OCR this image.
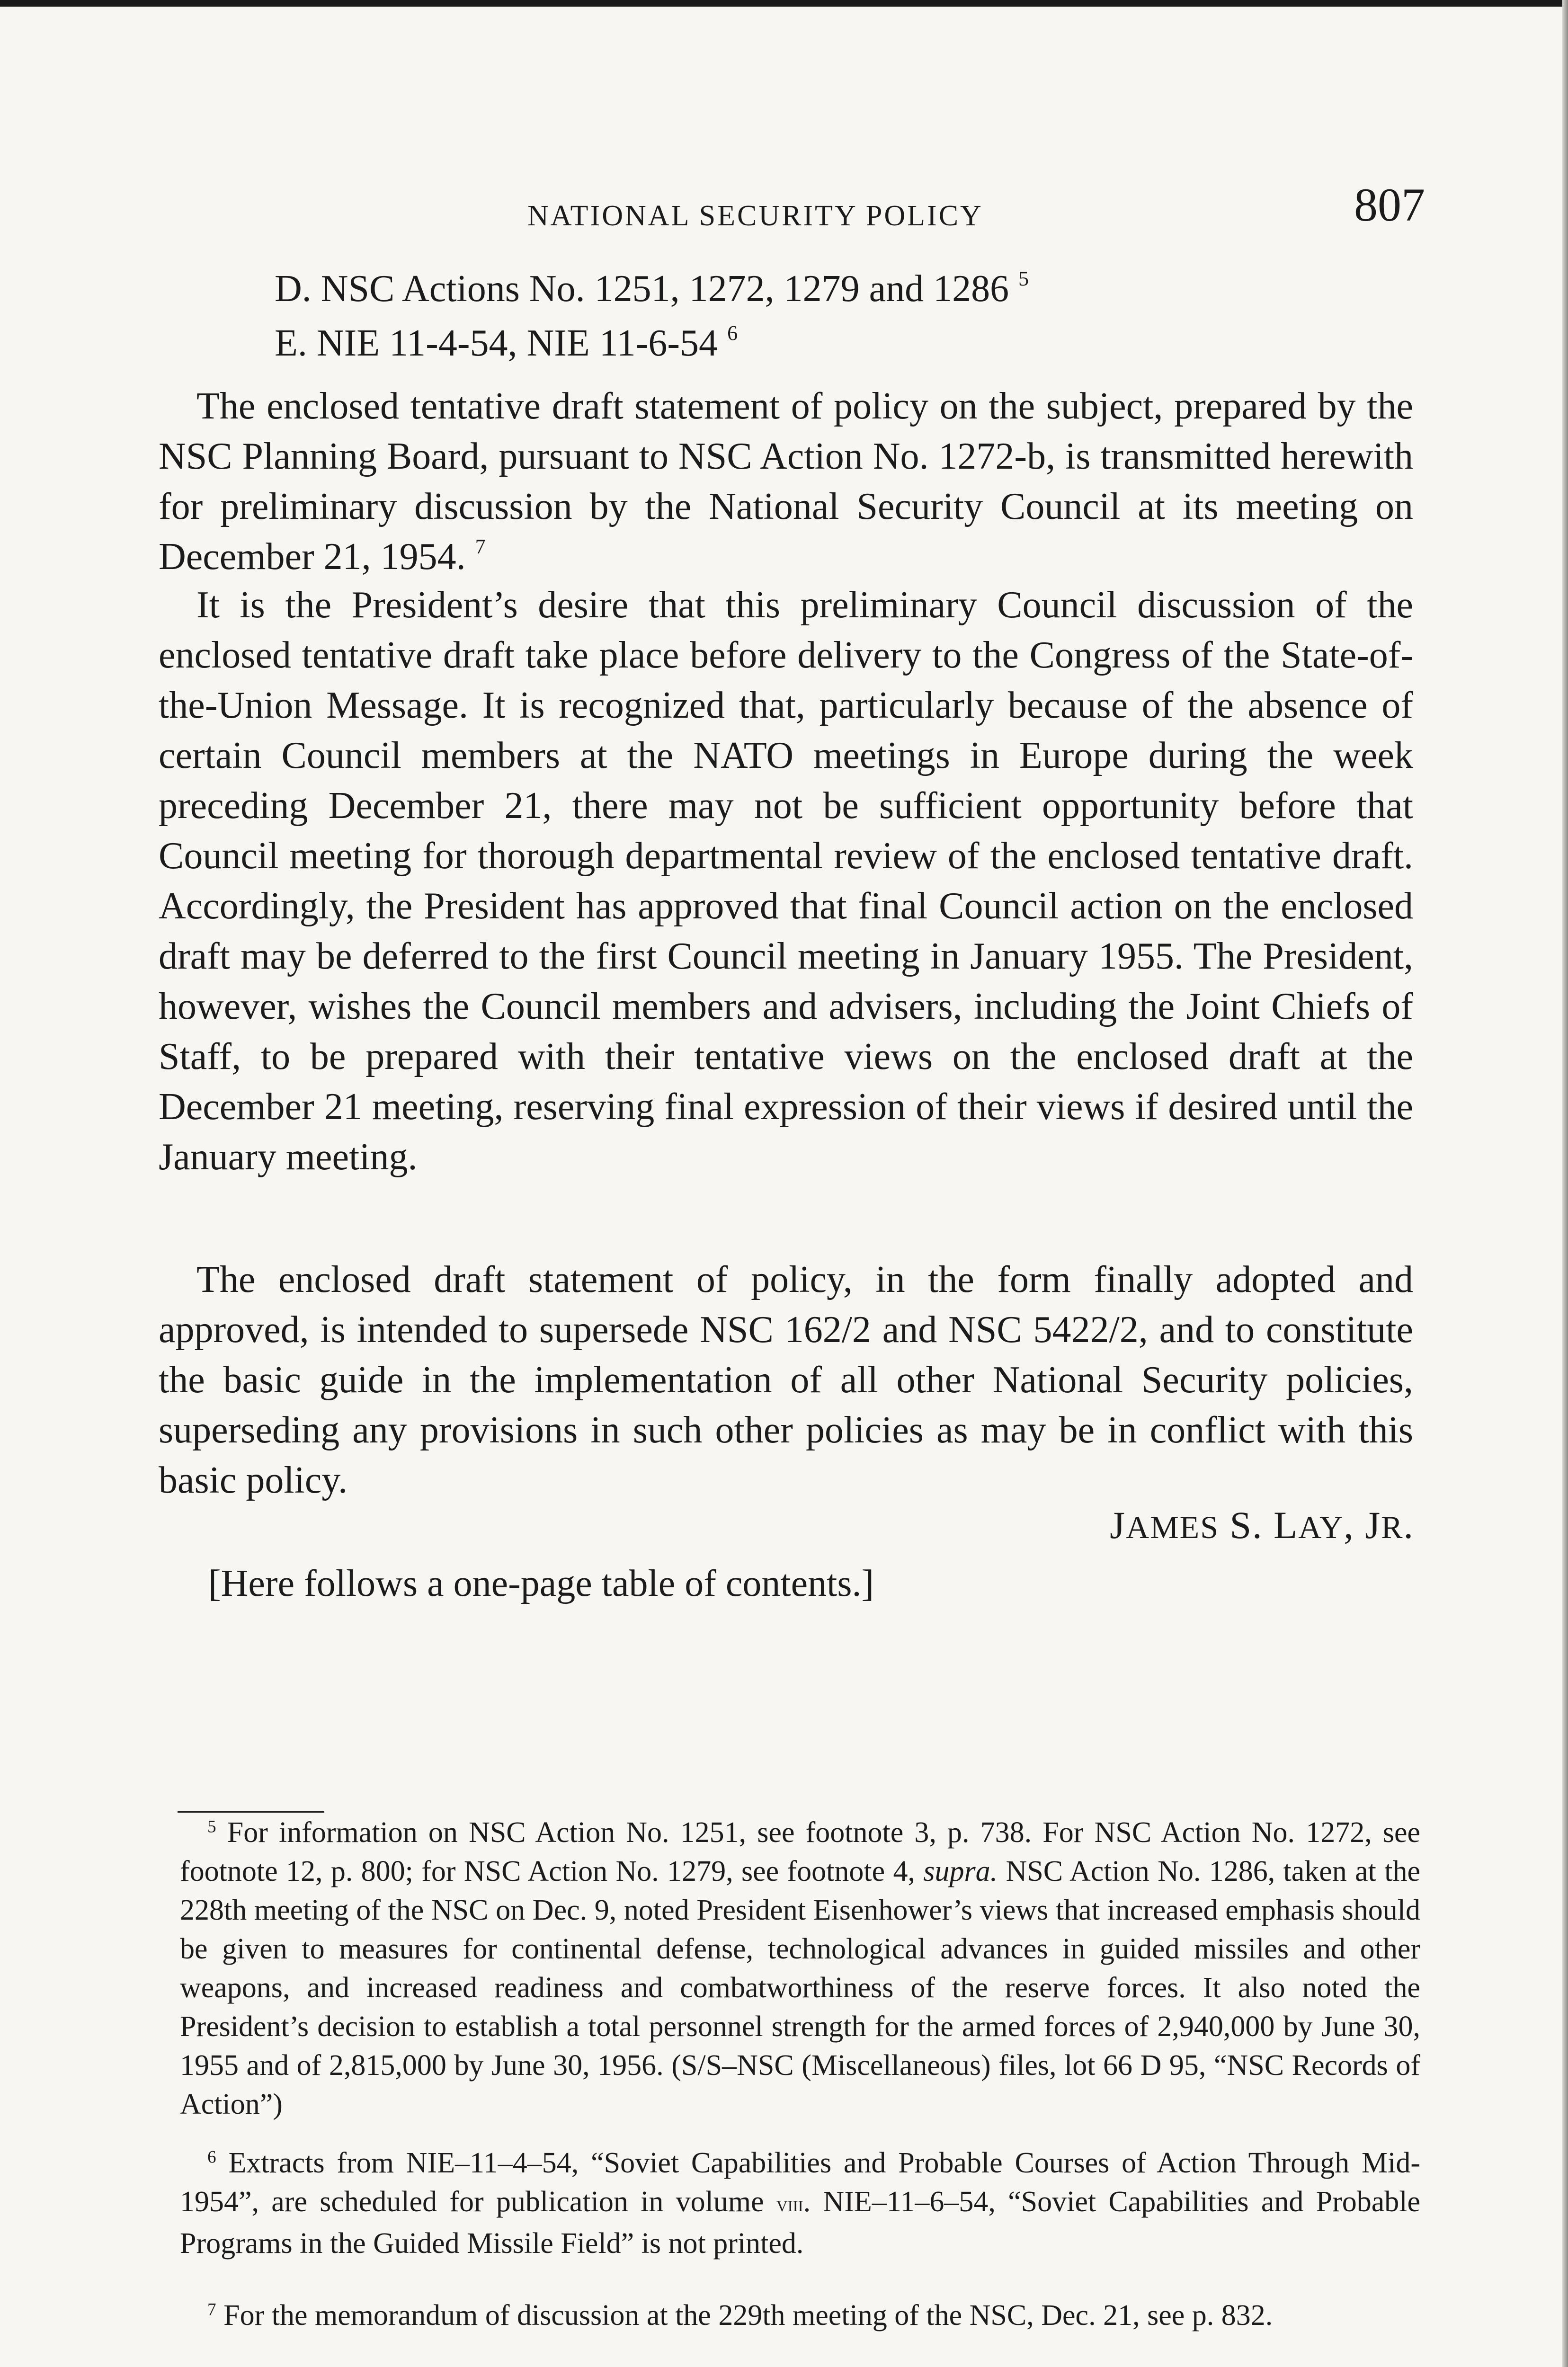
NATIONAL SECURITY POLICY	807
D. NSC Actions No. 1251, 1272, 1279 and 1286 $^5$
E. NIE 11-4-54, NIE 11-6-54 $^6$

The enclosed tentative draft statement of policy on the subject, prepared by the NSC Planning Board, pursuant to NSC Action No. 1272-b, is transmitted herewith for preliminary discussion by the National Security Council at its meeting on December 21, 1954. $^7$

It is the President’s desire that this preliminary Council discussion of the enclosed tentative draft take place before delivery to the Congress of the State-of-the-Union Message. It is recognized that, particularly because of the absence of certain Council members at the NATO meetings in Europe during the week preceding December 21, there may not be sufficient opportunity before that Council meeting for thorough departmental review of the enclosed tentative draft. Accordingly, the President has approved that final Council action on the enclosed draft may be deferred to the first Council meeting in January 1955. The President, however, wishes the Council members and advisers, including the Joint Chiefs of Staff, to be prepared with their tentative views on the enclosed draft at the December 21 meeting, reserving final expression of their views if desired until the January meeting.

The enclosed draft statement of policy, in the form finally adopted and approved, is intended to supersede NSC 162/2 and NSC 5422/2, and to constitute the basic guide in the implementation of all other National Security policies, superseding any provisions in such other policies as may be in conflict with this basic policy.

JAMES S. LAY, JR.
[Here follows a one-page table of contents.]

$^5$ For information on NSC Action No. 1251, see footnote 3, p. 738. For NSC Action No. 1272, see footnote 12, p. 800; for NSC Action No. 1279, see footnote 4, supra. NSC Action No. 1286, taken at the 228th meeting of the NSC on Dec. 9, noted President Eisenhower’s views that increased emphasis should be given to measures for continental defense, technological advances in guided missiles and other weapons, and increased readiness and combatworthiness of the reserve forces. It also noted the President’s decision to establish a total personnel strength for the armed forces of 2,940,000 by June 30, 1955 and of 2,815,000 by June 30, 1956. (S/S–NSC (Miscellaneous) files, lot 66 D 95, “NSC Records of Action”)

$^6$ Extracts from NIE–11–4–54, “Soviet Capabilities and Probable Courses of Action Through Mid-1954”, are scheduled for publication in volume viii. NIE–11–6–54, “Soviet Capabilities and Probable Programs in the Guided Missile Field” is not printed.

$^7$ For the memorandum of discussion at the 229th meeting of the NSC, Dec. 21, see p. 832.
